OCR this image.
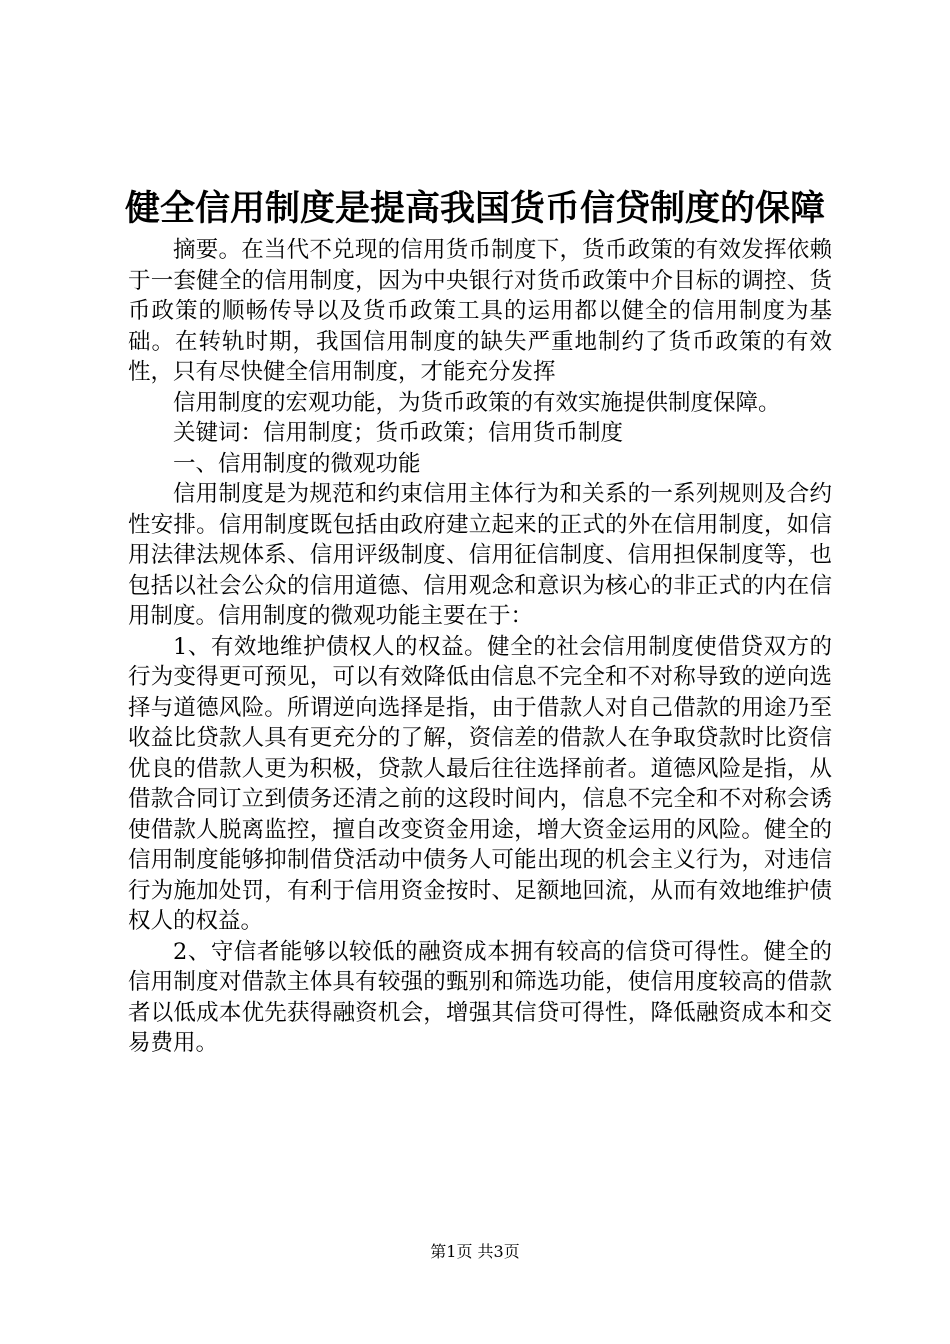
健全信用制度是提高我国货币信贷制度的保障

摘要。在当代不兑现的信用货币制度下，货币政策的有效发挥依赖于一套健全的信用制度，因为中央银行对货币政策中介目标的调控、货币政策的顺畅传导以及货币政策工具的运用都以健全的信用制度为基础。在转轨时期，我国信用制度的缺失严重地制约了货币政策的有效性，只有尽快健全信用制度，才能充分发挥

信用制度的宏观功能，为货币政策的有效实施提供制度保障。

关键词：信用制度；货币政策；信用货币制度

一、信用制度的微观功能

信用制度是为规范和约束信用主体行为和关系的一系列规则及合约性安排。信用制度既包括由政府建立起来的正式的外在信用制度，如信用法律法规体系、信用评级制度、信用征信制度、信用担保制度等，也包括以社会公众的信用道德、信用观念和意识为核心的非正式的内在信用制度。信用制度的微观功能主要在于：

1、有效地维护债权人的权益。健全的社会信用制度使借贷双方的行为变得更可预见，可以有效降低由信息不完全和不对称导致的逆向选择与道德风险。所谓逆向选择是指，由于借款人对自己借款的用途乃至收益比贷款人具有更充分的了解，资信差的借款人在争取贷款时比资信优良的借款人更为积极，贷款人最后往往选择前者。道德风险是指，从借款合同订立到债务还清之前的这段时间内，信息不完全和不对称会诱使借款人脱离监控，擅自改变资金用途，增大资金运用的风险。健全的信用制度能够抑制借贷活动中债务人可能出现的机会主义行为，对违信行为施加处罚，有利于信用资金按时、足额地回流，从而有效地维护债权人的权益。

2、守信者能够以较低的融资成本拥有较高的信贷可得性。健全的信用制度对借款主体具有较强的甄别和筛选功能，使信用度较高的借款者以低成本优先获得融资机会，增强其信贷可得性，降低融资成本和交易费用。

第1页 共3页
